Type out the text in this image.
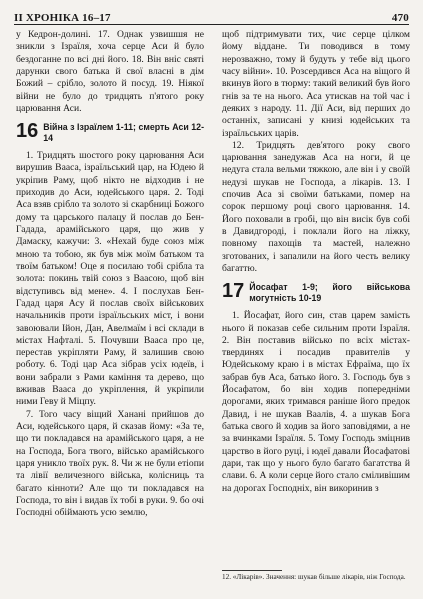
II ХРОНІКА 16–17	470

у Кедрон-долині. 17. Однак узвишшя не зникли з Ізраїля, хоча серце Аси й було бездоганне по всі дні його. 18. Він вніс святі дарунки свого батька й свої власні в дім Божий – срібло, золото й посуд. 19. Ніякої війни не було до тридцять п'ятого року царювання Аси.

16 Війна з Ізраїлем 1-11; смерть Аси 12-14

1. Тридцять шостого року царювання Аси вирушив Вааса, ізраїльський цар, на Юдею й укріпив Раму, щоб нікто не відходив і не приходив до Аси, юдейського царя. 2. Тоді Аса взяв срібло та золото зі скарбниці Божого дому та царського палацу й послав до Бен-Гадада, арамійського царя, що жив у Дамаску, кажучи: 3. «Нехай буде союз між мною та тобою, як був між моїм батьком та твоїм батьком! Оце я посилаю тобі срібла та золота: покинь твій союз з Ваасою, щоб він відступивсь від мене». 4. І послухав Бен-Гадад царя Асу й послав своїх військових начальників проти ізраїльських міст, і вони завоювали Ійон, Дан, Авелмаїм і всі склади в містах Нафталі. 5. Почувши Вааса про це, перестав укріпляти Раму, й залишив свою роботу. 6. Тоді цар Аса зібрав усіх юдеїв, і вони забрали з Рами каміння та дерево, що вживав Вааса до укріплення, й укріпили ними Гевy й Міцпу.

7. Того часу віщий Ханані прийшов до Аси, юдейського царя, й сказав йому: «За те, що ти покладався на арамійського царя, а не на Господа, Бога твого, військо арамійського царя уникло твоїх рук. 8. Чи ж не були етіопи та лівії величезного війська, колісниць та багато кінноти? Але що ти покладався на Господа, то він і видав їх тобі в руки. 9. бо очі Господні обіймають усю землю,

щоб підтримувати тих, чиє серце цілком йому віддане. Ти поводився в тому нерозважно, тому й будуть у тебе від цього часу війни». 10. Розсердився Аса на віщого й вкинув його в тюрму: такий великий був його гнів за те на нього. Аса утискав на той час і деяких з народу. 11. Дії Аси, від перших до останніх, записані у книзі юдейських та ізраїльських царів.

12. Тридцять дев'ятого року свого царювання занедужав Аса на ноги, й це недуга стала вельми тяжкою, але він і у своїй недузі шукав не Господа, а лікарів. 13. І спочив Аса зі своїми батьками, помер на сорок першому році свого царювання. 14. Його поховали в гробі, що він висік був собі в Давидгороді, і поклали його на ліжку, повному пахощів та мастей, належно зготованих, і запалили на його честь велику багаттю.

17 Йосафат 1-9; його військова могутність 10-19

1. Йосафат, його син, став царем замість нього й показав себе сильним проти Ізраїля. 2. Він поставив військо по всіх містах-твердинях і посадив правителів у Юдейському краю і в містах Ефраїма, що їх забрав був Аса, батько його. 3. Господь був з Йосафатом, бо він ходив попередніми дорогами, яких тримався раніше його предок Давид, і не шукав Ваалів, 4. а шукав Бога батька свого й ходив за його заповідями, а не за вчинками Ізраїля. 5. Тому Господь зміцнив царство в його руці, і юдеї давали Йосафатові дари, так що у нього було багато багатства й слави. 6. А коли серце його стало сміливішим на дорогах Господніх, він викоринив з

12. «Лікарів». Значення: шукав більше лікарів, ніж Господа.
